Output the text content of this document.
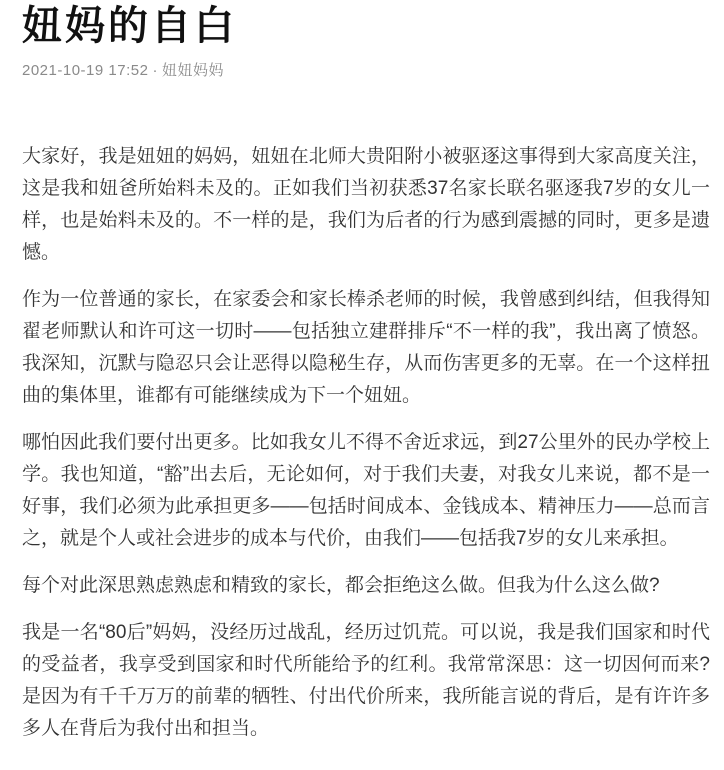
妞妈的自白
2021-10-19 17:52 · 妞妞妈妈

大家好，我是妞妞的妈妈，妞妞在北师大贵阳附小被驱逐这事得到大家高度关注，这是我和妞爸所始料未及的。正如我们当初获悉37名家长联名驱逐我7岁的女儿一样，也是始料未及的。不一样的是，我们为后者的行为感到震撼的同时，更多是遗憾。

作为一位普通的家长，在家委会和家长棒杀老师的时候，我曾感到纠结，但我得知翟老师默认和许可这一切时——包括独立建群排斥“不一样的我”，我出离了愤怒。我深知，沉默与隐忍只会让恶得以隐秘生存，从而伤害更多的无辜。在一个这样扭曲的集体里，谁都有可能继续成为下一个妞妞。

哪怕因此我们要付出更多。比如我女儿不得不舍近求远，到27公里外的民办学校上学。我也知道，“豁”出去后，无论如何，对于我们夫妻，对我女儿来说，都不是一好事，我们必须为此承担更多——包括时间成本、金钱成本、精神压力——总而言之，就是个人或社会进步的成本与代价，由我们——包括我7岁的女儿来承担。

每个对此深思熟虑熟虑和精致的家长，都会拒绝这么做。但我为什么这么做?

我是一名“80后”妈妈，没经历过战乱，经历过饥荒。可以说，我是我们国家和时代的受益者，我享受到国家和时代所能给予的红利。我常常深思：这一切因何而来? 是因为有千千万万的前辈的牺牲、付出代价所来，我所能言说的背后，是有许许多多人在背后为我付出和担当。
